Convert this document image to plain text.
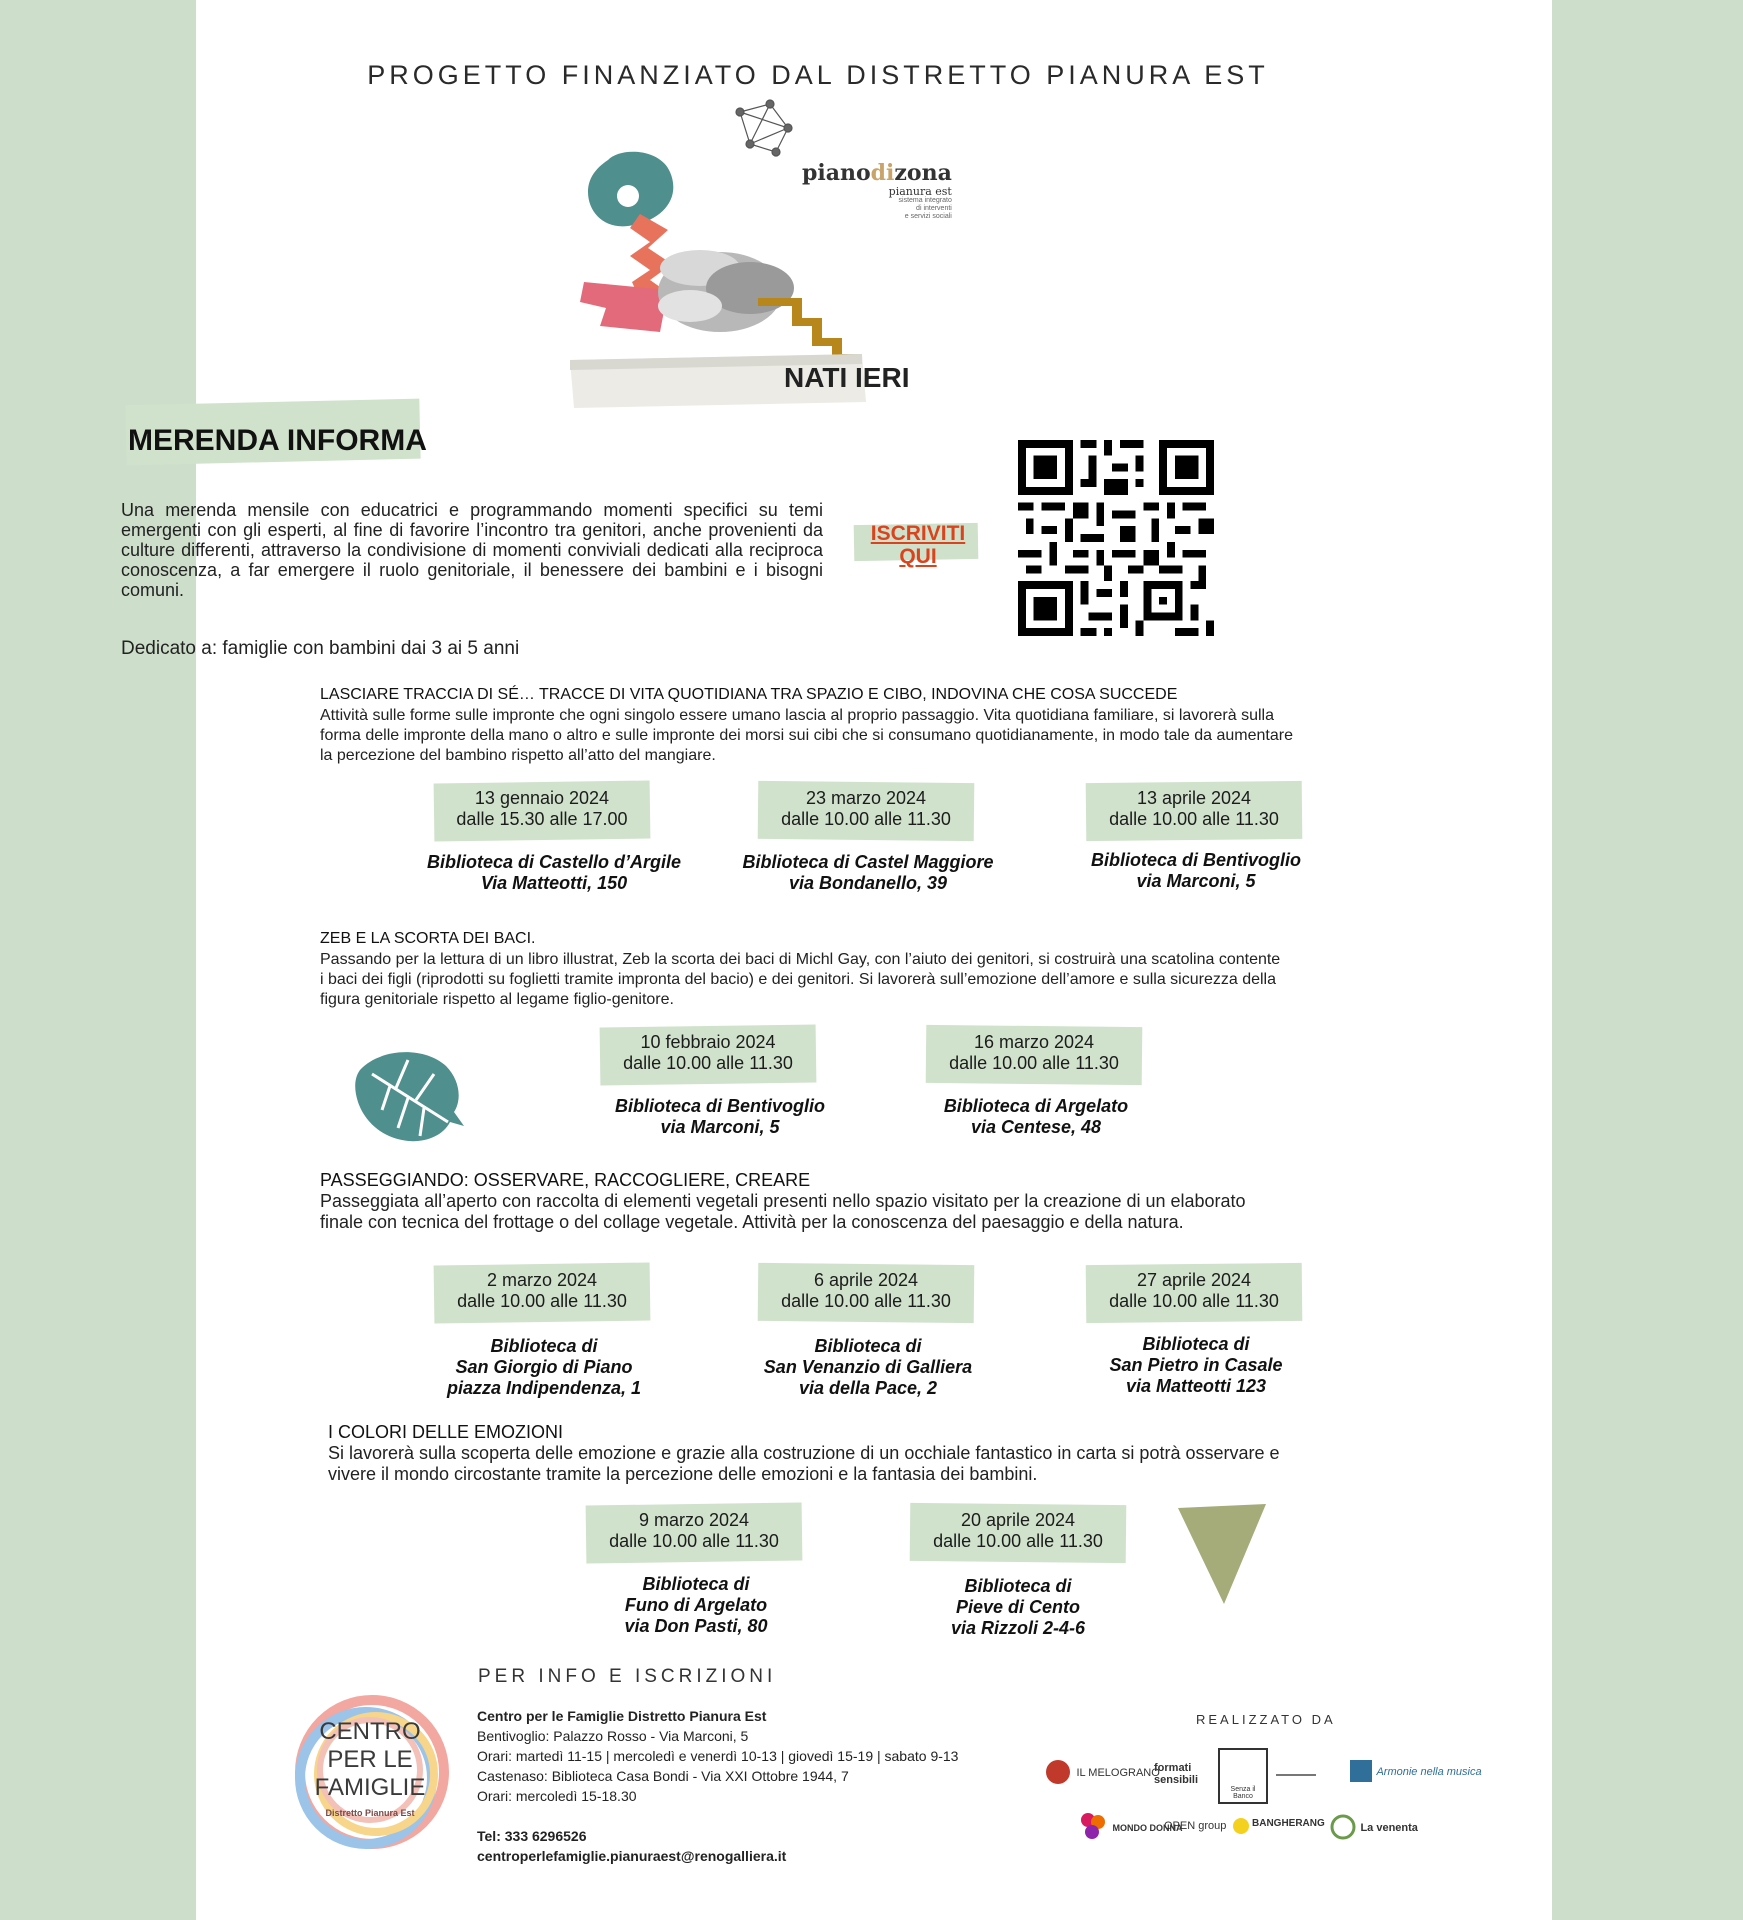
PROGETTO FINANZIATO DAL DISTRETTO PIANURA EST
pianodizona
pianura est
sistema integrato
di interventi
e servizi sociali
NATI IERI
MERENDA INFORMA
Una merenda mensile con educatrici e programmando momenti specifici su temi emergenti con gli esperti, al fine di favorire l’incontro tra genitori, anche provenienti da culture differenti, attraverso la condivisione di momenti conviviali dedicati alla reciproca conoscenza, a far emergere il ruolo genitoriale, il benessere dei bambini e i bisogni comuni.
ISCRIVITI
QUI
Dedicato a: famiglie con bambini dai 3 ai 5 anni
LASCIARE TRACCIA DI SÉ… TRACCE DI VITA QUOTIDIANA TRA SPAZIO E CIBO, INDOVINA CHE COSA SUCCEDE
Attività sulle forme sulle impronte che ogni singolo essere umano lascia al proprio passaggio. Vita quotidiana familiare, si lavorerà sulla
forma delle impronte della mano o altro e sulle impronte dei morsi sui cibi che si consumano quotidianamente, in modo tale da aumentare
la percezione del bambino rispetto all’atto del mangiare.
13 gennaio 2024
dalle 15.30 alle 17.00
Biblioteca di Castello d’Argile
Via Matteotti, 150
23 marzo 2024
dalle 10.00 alle 11.30
Biblioteca di Castel Maggiore
via Bondanello, 39
13 aprile 2024
dalle 10.00 alle 11.30
Biblioteca di Bentivoglio
via Marconi, 5
ZEB E LA SCORTA DEI BACI.
Passando per la lettura di un libro illustrat, Zeb la scorta dei baci di Michl Gay, con l’aiuto dei genitori, si costruirà una scatolina contente
i baci dei figli (riprodotti su foglietti tramite impronta del bacio) e dei genitori. Si lavorerà sull’emozione dell’amore e sulla sicurezza della
figura genitoriale rispetto al legame figlio-genitore.
10 febbraio 2024
dalle 10.00 alle 11.30
Biblioteca di Bentivoglio
via Marconi, 5
16 marzo 2024
dalle 10.00 alle 11.30
Biblioteca di Argelato
via Centese, 48
PASSEGGIANDO: OSSERVARE, RACCOGLIERE, CREARE
Passeggiata all’aperto con raccolta di elementi vegetali presenti nello spazio visitato per la creazione di un elaborato
finale con tecnica del frottage o del collage vegetale. Attività per la conoscenza del paesaggio e della natura.
2 marzo 2024
dalle 10.00 alle 11.30
Biblioteca di
San Giorgio di Piano
piazza Indipendenza, 1
6 aprile 2024
dalle 10.00 alle 11.30
Biblioteca di
San Venanzio di Galliera
via della Pace, 2
27 aprile 2024
dalle 10.00 alle 11.30
Biblioteca di
San Pietro in Casale
via Matteotti 123
I COLORI DELLE EMOZIONI
Si lavorerà sulla scoperta delle emozione e grazie alla costruzione di un occhiale fantastico in carta si potrà osservare e
vivere il mondo circostante tramite la percezione delle emozioni e la fantasia dei bambini.
9 marzo 2024
dalle 10.00 alle 11.30
Biblioteca di
Funo di Argelato
via Don Pasti, 80
20 aprile 2024
dalle 10.00 alle 11.30
Biblioteca di
Pieve di Cento
via Rizzoli 2-4-6
PER INFO E ISCRIZIONI
CENTRO
PER LE
FAMIGLIE
Distretto Pianura Est
Centro per le Famiglie Distretto Pianura Est
Bentivoglio: Palazzo Rosso - Via Marconi, 5
Orari: martedì 11-15 | mercoledì e venerdì 10-13 | giovedì 15-19 | sabato 9-13
Castenaso: Biblioteca Casa Bondi - Via XXI Ottobre 1944, 7
Orari: mercoledì 15-18.30
Tel: 333 6296526
centroperlefamiglie.pianuraest@renogalliera.it
REALIZZATO DA
IL MELOGRANO
formati sensibili
Senza il Banco
Armonie nella musica
MONDO DONNA
OPEN group	BANGHERANG	La venenta
